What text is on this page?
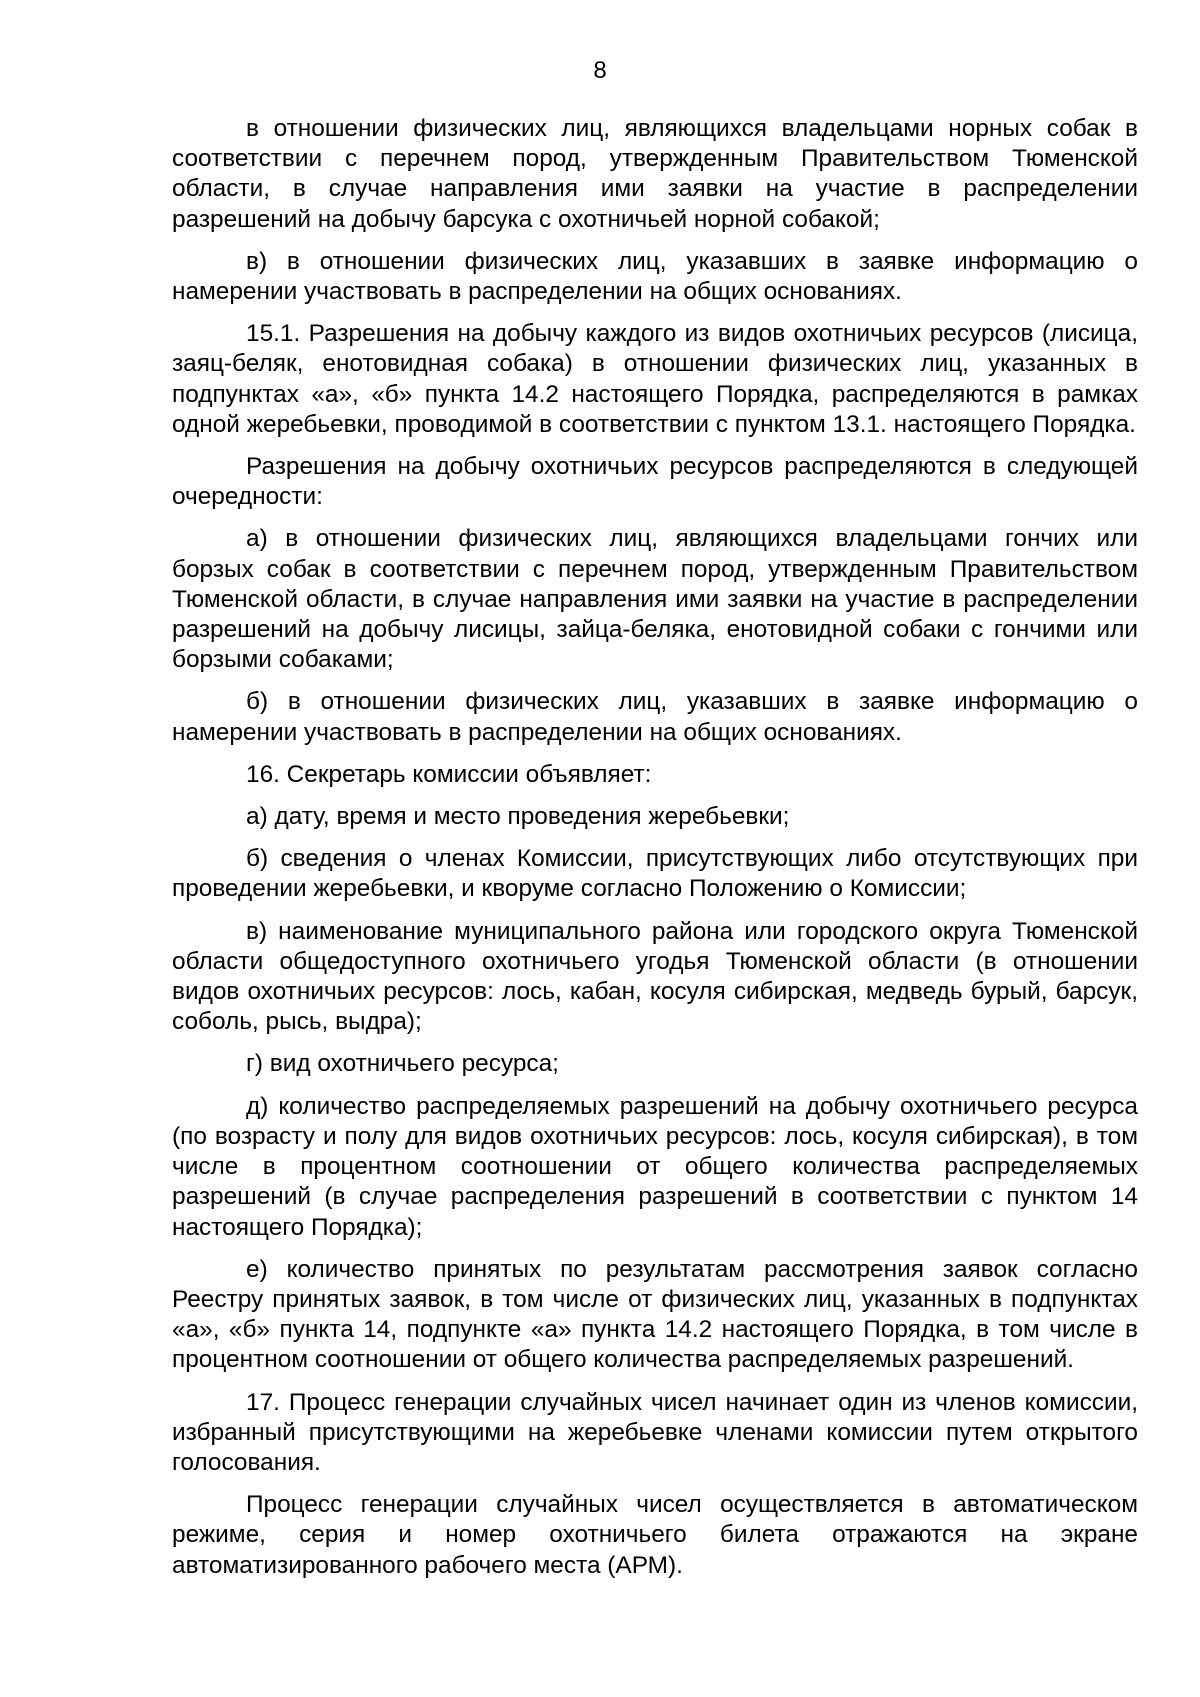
8

в отношении физических лиц, являющихся владельцами норных собак в соответствии с перечнем пород, утвержденным Правительством Тюменской области, в случае направления ими заявки на участие в распределении разрешений на добычу барсука с охотничьей норной собакой;

в) в отношении физических лиц, указавших в заявке информацию о намерении участвовать в распределении на общих основаниях.

15.1. Разрешения на добычу каждого из видов охотничьих ресурсов (лисица, заяц-беляк, енотовидная собака) в отношении физических лиц, указанных в подпунктах «а», «б» пункта 14.2 настоящего Порядка, распределяются в рамках одной жеребьевки, проводимой в соответствии с пунктом 13.1. настоящего Порядка.

Разрешения на добычу охотничьих ресурсов распределяются в следующей очередности:

а) в отношении физических лиц, являющихся владельцами гончих или борзых собак в соответствии с перечнем пород, утвержденным Правительством Тюменской области, в случае направления ими заявки на участие в распределении разрешений на добычу лисицы, зайца-беляка, енотовидной собаки с гончими или борзыми собаками;

б) в отношении физических лиц, указавших в заявке информацию о намерении участвовать в распределении на общих основаниях.

16. Секретарь комиссии объявляет:

а) дату, время и место проведения жеребьевки;

б) сведения о членах Комиссии, присутствующих либо отсутствующих при проведении жеребьевки, и кворуме согласно Положению о Комиссии;

в) наименование муниципального района или городского округа Тюменской области общедоступного охотничьего угодья Тюменской области (в отношении видов охотничьих ресурсов: лось, кабан, косуля сибирская, медведь бурый, барсук, соболь, рысь, выдра);

г) вид охотничьего ресурса;

д) количество распределяемых разрешений на добычу охотничьего ресурса (по возрасту и полу для видов охотничьих ресурсов: лось, косуля сибирская), в том числе в процентном соотношении от общего количества распределяемых разрешений (в случае распределения разрешений в соответствии с пунктом 14 настоящего Порядка);

е) количество принятых по результатам рассмотрения заявок согласно Реестру принятых заявок, в том числе от физических лиц, указанных в подпунктах «а», «б» пункта 14, подпункте «а» пункта 14.2 настоящего Порядка, в том числе в процентном соотношении от общего количества распределяемых разрешений.

17. Процесс генерации случайных чисел начинает один из членов комиссии, избранный присутствующими на жеребьевке членами комиссии путем открытого голосования.

Процесс генерации случайных чисел осуществляется в автоматическом режиме, серия и номер охотничьего билета отражаются на экране автоматизированного рабочего места (АРМ).
